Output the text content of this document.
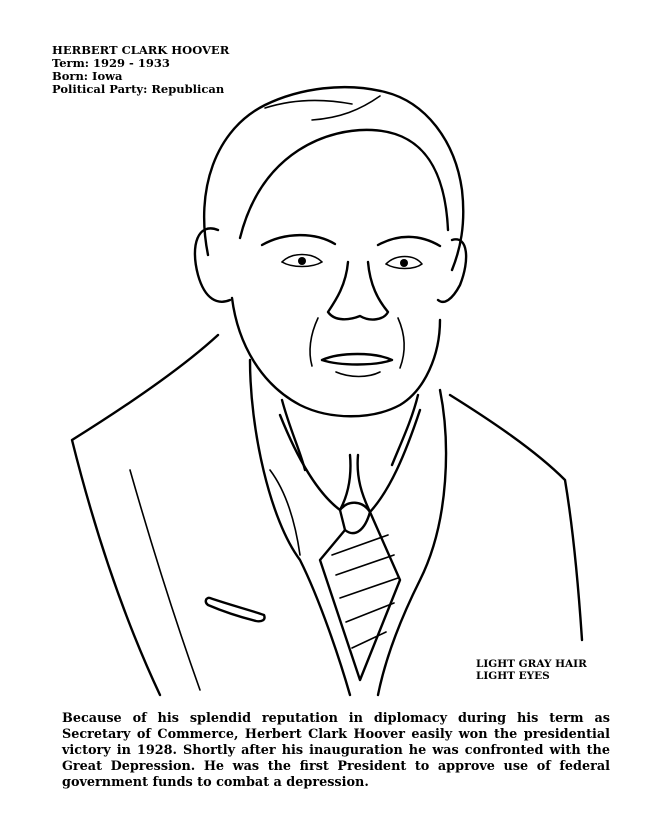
HERBERT CLARK HOOVER
Term: 1929 - 1933
Born: Iowa
Political Party: Republican
LIGHT GRAY HAIR
LIGHT EYES
Because of his splendid reputation in diplomacy during his term as Secretary of Commerce, Herbert Clark Hoover easily won the presidential victory in 1928. Shortly after his inauguration he was confronted with the Great Depression. He was the first President to approve use of federal government funds to combat a depression.
